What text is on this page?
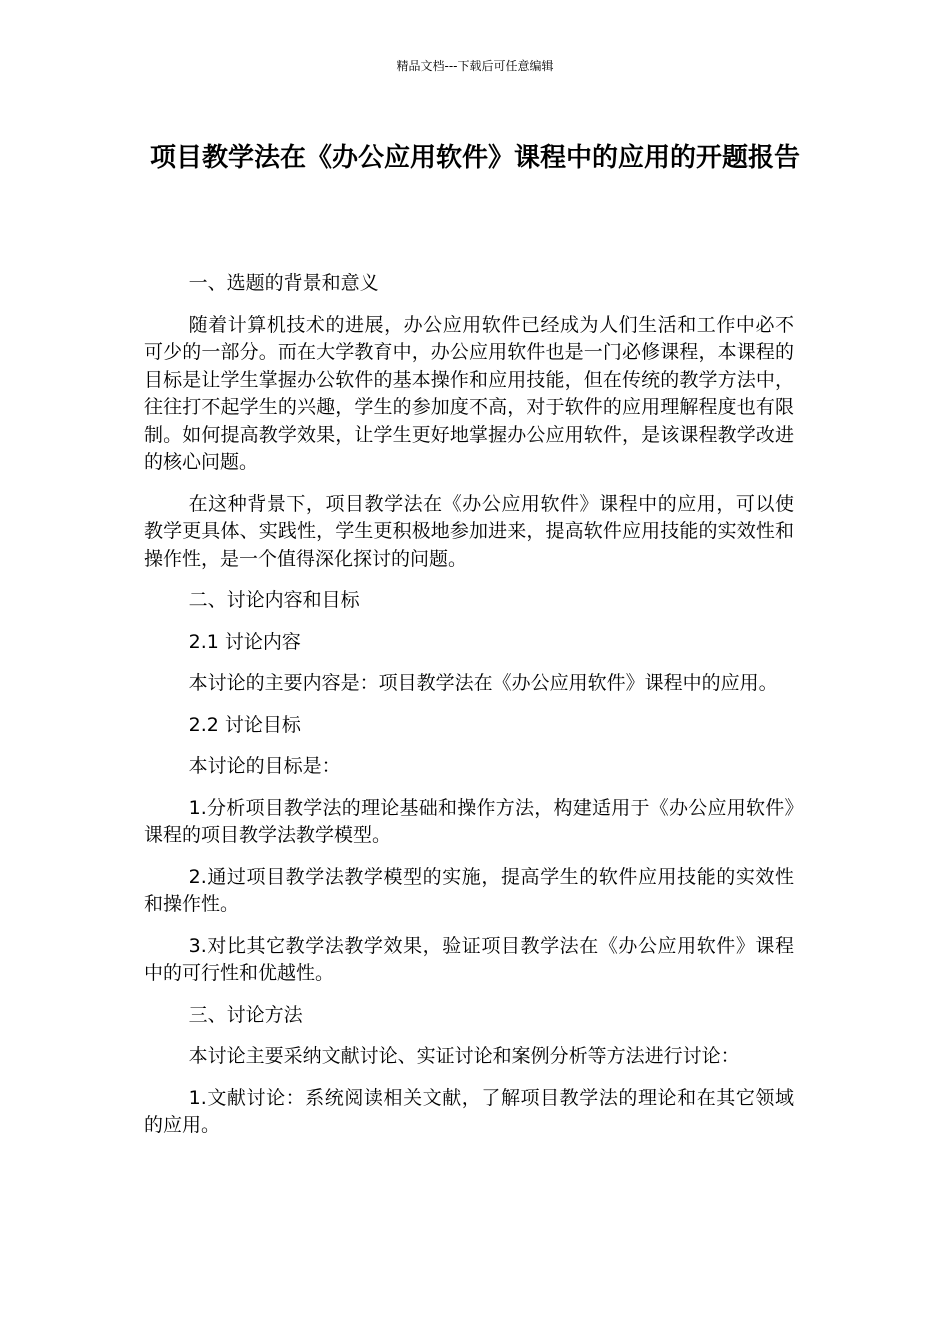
精品文档---下载后可任意编辑
项目教学法在《办公应用软件》课程中的应用的开题报告

一、选题的背景和意义

随着计算机技术的进展，办公应用软件已经成为人们生活和工作中必不可少的一部分。而在大学教育中，办公应用软件也是一门必修课程，本课程的目标是让学生掌握办公软件的基本操作和应用技能，但在传统的教学方法中，往往打不起学生的兴趣，学生的参加度不高，对于软件的应用理解程度也有限制。如何提高教学效果，让学生更好地掌握办公应用软件，是该课程教学改进的核心问题。

在这种背景下，项目教学法在《办公应用软件》课程中的应用，可以使教学更具体、实践性，学生更积极地参加进来，提高软件应用技能的实效性和操作性，是一个值得深化探讨的问题。

二、讨论内容和目标

2.1 讨论内容

本讨论的主要内容是：项目教学法在《办公应用软件》课程中的应用。

2.2 讨论目标

本讨论的目标是：

1.分析项目教学法的理论基础和操作方法，构建适用于《办公应用软件》课程的项目教学法教学模型。

2.通过项目教学法教学模型的实施，提高学生的软件应用技能的实效性和操作性。

3.对比其它教学法教学效果，验证项目教学法在《办公应用软件》课程中的可行性和优越性。

三、讨论方法

本讨论主要采纳文献讨论、实证讨论和案例分析等方法进行讨论：

1.文献讨论：系统阅读相关文献，了解项目教学法的理论和在其它领域的应用。
